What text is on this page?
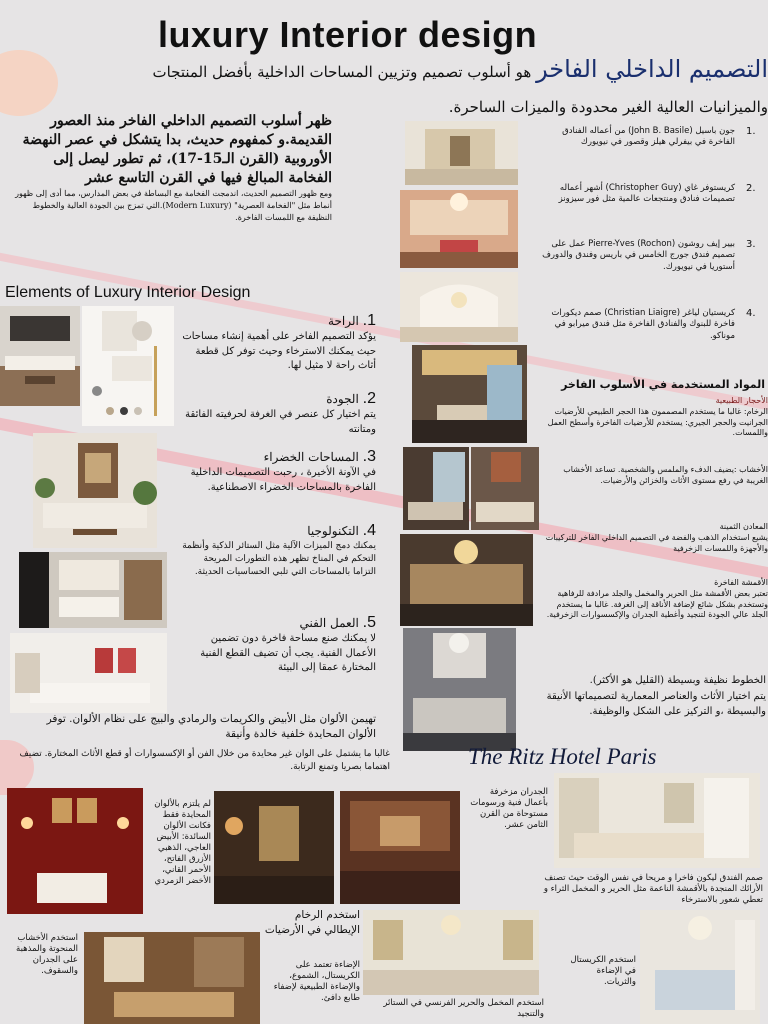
luxury Interior design
التصميم الداخلي الفاخر هو أسلوب تصميم وتزيين المساحات الداخلية بأفضل المنتجات
والميزانيات العالية الغير محدودة والميزات الساحرة.
ظهر أسلوب التصميم الداخلي الفاخر منذ العصور القديمة.و كمفهوم حديث، بدا يتشكل في عصر النهضة الأوروبية (القرن الـ15-17)، ثم تطور ليصل إلى الفخامة المبالغ فيها في القرن التاسع عشر
ومع ظهور التصميم الحديث، اندمجت الفخامة مع البساطة في بعض المدارس، مما أدى إلى ظهور أنماط مثل "الفخامة العصرية" (Modern Luxury).التي تمزج بين الجودة العالية والخطوط النظيفة مع اللمسات الفاخرة.
Elements of Luxury Interior Design
1. الراحة
يؤكد التصميم الفاخر على أهمية إنشاء مساحات حيث يمكنك الاسترخاء وحيث توفر كل قطعة أثاث راحة لا مثيل لها.
2. الجودة
يتم اختيار كل عنصر في الغرفة لحرفيته الفائقة ومتانته
3. المساحات الخضراء
في الآونة الأخيرة ، رحبت التصميمات الداخلية الفاخرة بالمساحات الخضراء الاصطناعية.
4. التكنولوجيا
يمكنك دمج الميزات الآلية مثل الستائر الذكية وأنظمة التحكم في المناخ تظهر هذه التطورات المريحة التزاما بالمساحات التي تلبي الحساسيات الحديثة.
5. العمل الفني
لا يمكنك صنع مساحة فاخرة دون تضمين الأعمال الفنية. يجب أن تضيف القطع الفنية المختارة عمقا إلى البيئة
تهيمن الألوان مثل الأبيض والكريمات والرمادي والبيج على نظام الألوان. توفر الألوان المحايدة خلفية خالدة وأنيقة
غالبا ما يشتمل على الوان غير محايدة من خلال الفن أو الإكسسوارات أو قطع الأثاث المختارة. تضيف اهتماما بصريا وتمنع الرتابة.
1.
جون باسيل (John B. Basile) من أعماله الفنادق الفاخرة في بيفرلي هيلز وقصور في نيويورك
2.
كريستوفر غاي (Christopher Guy) أشهر أعماله تصميمات فنادق ومنتجعات عالمية مثل فور سيزونز
3.
بيير إيف روشون Pierre-Yves (Rochon) عمل على تصميم فندق جورج الخامس في باريس وفندق والدورف أستوريا في نيويورك.
4.
كريستيان لياغر (Christian Liaigre) صمم ديكورات فاخرة للبنوك والفنادق الفاخرة مثل فندق ميرابو في موناكو.
المواد المستخدمة في الأسلوب الفاخر
الأحجار الطبيعية
الرخام: غالبا ما يستخدم المصممون هذا الحجر الطبيعي للأرضيات الجرانيت والحجر الجيري: يستخدم للأرضيات الفاخرة وأسطح العمل واللمسات.
الأخشاب :يضيف الدفء والملمس والشخصية. تساعد الأخشاب الغريبة في رفع مستوى الأثاث والخزائن والأرضيات.
المعادن الثمينة
يشيع استخدام الذهب والفضة في التصميم الداخلي الفاخر للتركيبات والأجهزة واللمسات الزخرفية
الأقمشة الفاخرة
تعتبر بعض الأقمشة مثل الحرير والمخمل والجلد مرادفة للرفاهية وتستخدم بشكل شائع لإضافة الأناقة إلى الغرفة. غالبا ما يستخدم الجلد عالي الجودة لتنجيد وأغطية الجدران والإكسسوارات الزخرفية.
الخطوط نظيفة وبسيطة (القليل هو الأكثر).
يتم اختيار الأثاث والعناصر المعمارية لتصميماتها الأنيقة والبسيطة ،و التركيز على الشكل والوظيفة.
The Ritz Hotel Paris
الجدران مزخرفة بأعمال فنية ورسومات مستوحاة من القرن الثامن عشر.
لم يلتزم بالألوان المحايدة فقط فكانت الألوان السائدة: الأبيض العاجي، الذهبي الأزرق الفاتح، الأحمر القاني، الأخضر الزمردي
استخدم الرخام الإيطالي في الأرضيات
الإضاءة تعتمد على الكريستال، الشموع، والإضاءة الطبيعية لإضفاء طابع دافئ.
صمم الفندق ليكون فاخرا و مريحا في نفس الوقت حيث تصنف الأرائك المنجدة بالأقمشة الناعمة مثل الحرير و المخمل الثراء و تعطي شعور بالاسترخاء
استخدم الأخشاب المنحوتة والمذهبة على الجدران والسقوف.
استخدم المخمل والحرير الفرنسي في الستائر والتنجيد
استخدم الكريستال في الإضاءة والثريات.
